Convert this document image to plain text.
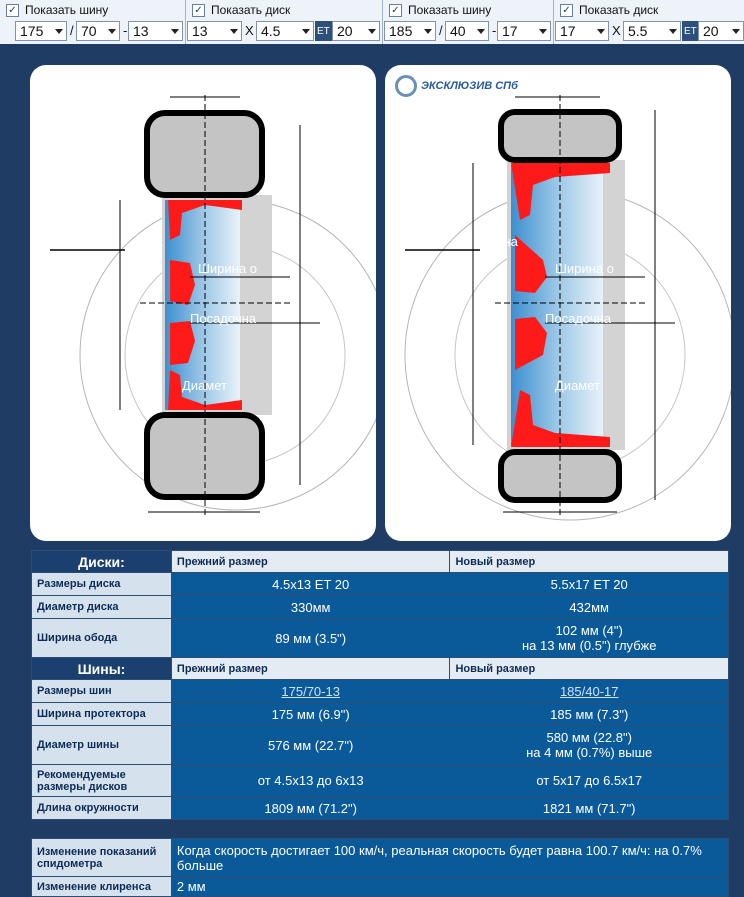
✓ Показать шину
175	/ 70	- 13
✓ Показать диск
13	X 4.5	ET 20
✓ Показать шину
185	/ 40	- 17
✓ Показать диск
17	X 5.5	ET 20
рона
Ширина о
Посадочна
Диамет
ЭКСКЛЮЗИВ СПб
рона
Ширина о
Посадочна
Диамет
Диски:	Прежний размер	Новый размер
Размеры диска	4.5x13 ET 20	5.5x17 ET 20
Диаметр диска	330мм	432мм
Ширина обода	89 мм (3.5")	102 мм (4")
на 13 мм (0.5") глубже

Шины:	Прежний размер	Новый размер
Размеры шин	175/70-13	185/40-17
Ширина протектора	175 мм (6.9")	185 мм (7.3")
Диаметр шины	576 мм (22.7")	580 мм (22.8")
на 4 мм (0.7%) выше

Рекомендуемые размеры дисков	от 4.5x13 до 6x13	от 5x17 до 6.5x17
Длина окружности	1809 мм (71.2")	1821 мм (71.7")
Изменение показаний спидометра	Когда скорость достигает 100 км/ч, реальная скорость будет равна 100.7 км/ч: на 0.7% больше
Изменение клиренса	2 мм
